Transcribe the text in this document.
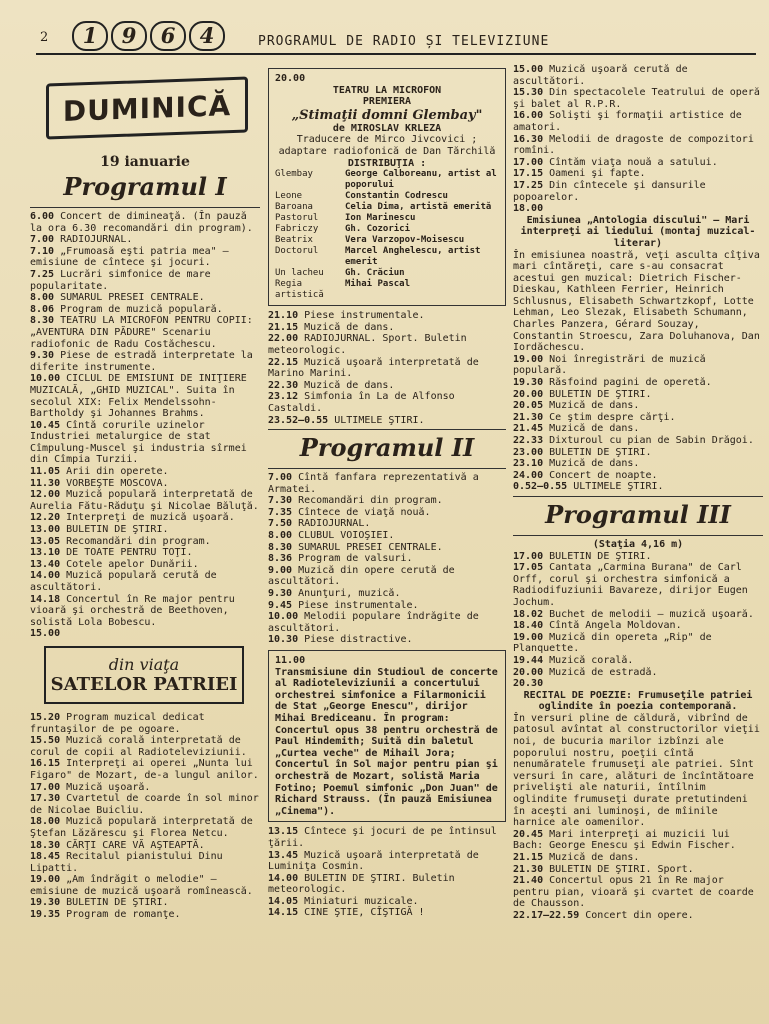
2	1	9	6	4	PROGRAMUL DE RADIO ȘI TELEVIZIUNE
DUMINICĂ
19 ianuarie
Programul I
6.00 Concert de dimineaţă. (În pauză la ora 6.30 recomandări din program).
7.00 RADIOJURNAL.
7.10 „Frumoasă eşti patria mea" — emisiune de cîntece şi jocuri.
7.25 Lucrări simfonice de mare popularitate.
8.00 SUMARUL PRESEI CENTRALE.
8.06 Program de muzică populară.
8.30 TEATRU LA MICROFON PENTRU COPII: „AVENTURA DIN PĂDURE" Scenariu radiofonic de Radu Costăchescu.
9.30 Piese de estradă interpretate la diferite instrumente.
10.00 CICLUL DE EMISIUNI DE INIŢIERE MUZICALĂ, „GHID MUZICAL". Suita în secolul XIX: Felix Mendelssohn-Bartholdy şi Johannes Brahms.
10.45 Cîntă corurile uzinelor Industriei metalurgice de stat Cîmpulung-Muscel şi industria sîrmei din Cîmpia Turzii.
11.05 Arii din operete.
11.30 VORBEŞTE MOSCOVA.
12.00 Muzică populară interpretată de Aurelia Fătu-Răduţu şi Nicolae Băluţă.
12.20 Interpreţi de muzică uşoară.
13.00 BULETIN DE ŞTIRI.
13.05 Recomandări din program.
13.10 DE TOATE PENTRU TOŢI.
13.40 Cotele apelor Dunării.
14.00 Muzică populară cerută de ascultători.
14.18 Concertul în Re major pentru vioară şi orchestră de Beethoven, solistă Lola Bobescu.
15.00
din viaţa
SATELOR PATRIEI
15.20 Program muzical dedicat fruntaşilor de pe ogoare.
15.50 Muzică corală interpretată de corul de copii al Radioteleviziunii.
16.15 Interpreţi ai operei „Nunta lui Figaro" de Mozart, de-a lungul anilor.
17.00 Muzică uşoară.
17.30 Cvartetul de coarde în sol minor de Nicolae Buicliu.
18.00 Muzică populară interpretată de Ştefan Lăzărescu şi Florea Netcu.
18.30 CĂRŢI CARE VĂ AŞTEAPTĂ.
18.45 Recitalul pianistului Dinu Lipatti.
19.00 „Am îndrăgit o melodie" — emisiune de muzică uşoară romînească.
19.30 BULETIN DE ŞTIRI.
19.35 Program de romanţe.
20.00
TEATRU LA MICROFON
PREMIERA
„Stimaţii domni Glembay"
de MIROSLAV KRLEZA
Traducere de Mirco Jivcovici ; adaptare radiofonică de Dan Tărchilă
DISTRIBUŢIA :
Glembay	George Calboreanu, artist al poporului
Leone	Constantin Codrescu
Baroana	Celia Dima, artistă emerită
Pastorul	Ion Marinescu
Fabriczy	Gh. Cozorici
Beatrix	Vera Varzopov-Moisescu
Doctorul	Marcel Anghelescu, artist emerit
Un lacheu	Gh. Crăciun
Regia artistică
Mihai Pascal
21.10 Piese instrumentale.
21.15 Muzică de dans.
22.00 RADIOJURNAL. Sport. Buletin meteorologic.
22.15 Muzică uşoară interpretată de Marino Marini.
22.30 Muzică de dans.
23.12 Simfonia în La de Alfonso Castaldi.
23.52—0.55 ULTIMELE ŞTIRI.
Programul II
7.00 Cîntă fanfara reprezentativă a Armatei.
7.30 Recomandări din program.
7.35 Cîntece de viaţă nouă.
7.50 RADIOJURNAL.
8.00 CLUBUL VOIOŞIEI.
8.30 SUMARUL PRESEI CENTRALE.
8.36 Program de valsuri.
9.00 Muzică din opere cerută de ascultători.
9.30 Anunţuri, muzică.
9.45 Piese instrumentale.
10.00 Melodii populare îndrăgite de ascultători.
10.30 Piese distractive.
11.00
Transmisiune din Studioul de concerte al Radioteleviziunii a concertului orchestrei simfonice a Filarmonicii de Stat „George Enescu", dirijor Mihai Brediceanu. În program: Concertul opus 38 pentru orchestră de Paul Hindemith; Suită din baletul „Curtea veche" de Mihail Jora; Concertul în Sol major pentru pian şi orchestră de Mozart, solistă Maria Fotino; Poemul simfonic „Don Juan" de Richard Strauss. (În pauză Emisiunea „Cinema").
13.15 Cîntece şi jocuri de pe întinsul ţării.
13.45 Muzică uşoară interpretată de Luminiţa Cosmin.
14.00 BULETIN DE ŞTIRI. Buletin meteorologic.
14.05 Miniaturi muzicale.
14.15 CINE ŞTIE, CÎŞTIGĂ !
15.00 Muzică uşoară cerută de ascultători.
15.30 Din spectacolele Teatrului de operă şi balet al R.P.R.
16.00 Solişti şi formaţii artistice de amatori.
16.30 Melodii de dragoste de compozitori romîni.
17.00 Cîntăm viaţa nouă a satului.
17.15 Oameni şi fapte.
17.25 Din cîntecele şi dansurile popoarelor.
18.00
Emisiunea „Antologia discului" — Mari interpreţi ai liedului (montaj muzical-literar)
În emisiunea noastră, veţi asculta cîţiva mari cîntăreţi, care s-au consacrat acestui gen muzical: Dietrich Fischer-Dieskau, Kathleen Ferrier, Heinrich Schlusnus, Elisabeth Schwartzkopf, Lotte Lehman, Leo Slezak, Elisabeth Schumann, Charles Panzera, Gérard Souzay, Constantin Stroescu, Zara Doluhanova, Dan Iordăchescu.
19.00 Noi înregistrări de muzică populară.
19.30 Răsfoind pagini de operetă.
20.00 BULETIN DE ŞTIRI.
20.05 Muzică de dans.
21.30 Ce ştim despre cărţi.
21.45 Muzică de dans.
22.33 Dixturoul cu pian de Sabin Drăgoi.
23.00 BULETIN DE ŞTIRI.
23.10 Muzică de dans.
24.00 Concert de noapte.
0.52—0.55 ULTIMELE ŞTIRI.
Programul III
(Staţia 4,16 m)
17.00 BULETIN DE ŞTIRI.
17.05 Cantata „Carmina Burana" de Carl Orff, corul şi orchestra simfonică a Radiodifuziunii Bavareze, dirijor Eugen Jochum.
18.02 Buchet de melodii — muzică uşoară.
18.40 Cîntă Angela Moldovan.
19.00 Muzică din opereta „Rip" de Planquette.
19.44 Muzică corală.
20.00 Muzică de estradă.
20.30
RECITAL DE POEZIE: Frumuseţile patriei oglindite în poezia contemporană.
În versuri pline de căldură, vibrînd de patosul avîntat al constructorilor vieţii noi, de bucuria marilor izbînzi ale poporului nostru, poeţii cîntă nenumăratele frumuseţi ale patriei. Sînt versuri în care, alături de încîntătoare privelişti ale naturii, întîlnim oglindite frumuseţi durate pretutindeni în aceşti ani luminoşi, de mîinile harnice ale oamenilor.
20.45 Mari interpreţi ai muzicii lui Bach: George Enescu şi Edwin Fischer.
21.15 Muzică de dans.
21.30 BULETIN DE ŞTIRI. Sport.
21.40 Concertul opus 21 în Re major pentru pian, vioară şi cvartet de coarde de Chausson.
22.17—22.59 Concert din opere.
